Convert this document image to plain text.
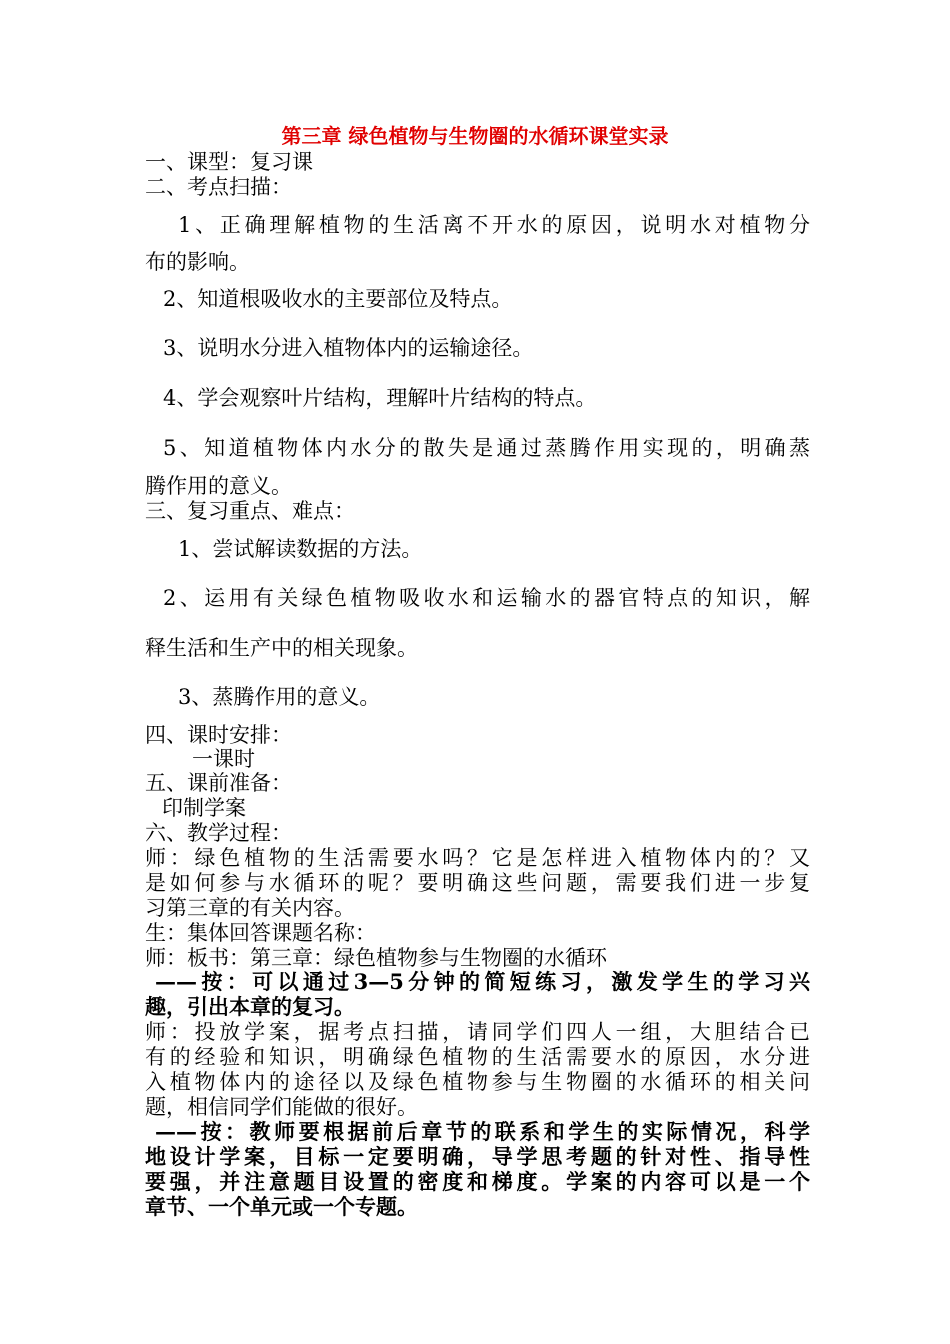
第三章 绿色植物与生物圈的水循环课堂实录
一、课型：复习课
二、考点扫描：
1、正确理解植物的生活离不开水的原因，说明水对植物分
布的影响。
2、知道根吸收水的主要部位及特点。
3、说明水分进入植物体内的运输途径。
4、学会观察叶片结构，理解叶片结构的特点。
5、知道植物体内水分的散失是通过蒸腾作用实现的，明确蒸
腾作用的意义。
三、复习重点、难点：
1、尝试解读数据的方法。
2、运用有关绿色植物吸收水和运输水的器官特点的知识，解
释生活和生产中的相关现象。
3、蒸腾作用的意义。
四、课时安排：
一课时
五、课前准备：
印制学案
六、教学过程：
师：绿色植物的生活需要水吗？它是怎样进入植物体内的？又
是如何参与水循环的呢？要明确这些问题，需要我们进一步复
习第三章的有关内容。
生：集体回答课题名称：
师：板书：第三章：绿色植物参与生物圈的水循环
——按：可以通过3—5分钟的简短练习，激发学生的学习兴
趣，引出本章的复习。
师：投放学案，据考点扫描，请同学们四人一组，大胆结合已
有的经验和知识，明确绿色植物的生活需要水的原因，水分进
入植物体内的途径以及绿色植物参与生物圈的水循环的相关问
题，相信同学们能做的很好。
——按：教师要根据前后章节的联系和学生的实际情况，科学
地设计学案，目标一定要明确，导学思考题的针对性、指导性
要强，并注意题目设置的密度和梯度。学案的内容可以是一个
章节、一个单元或一个专题。
